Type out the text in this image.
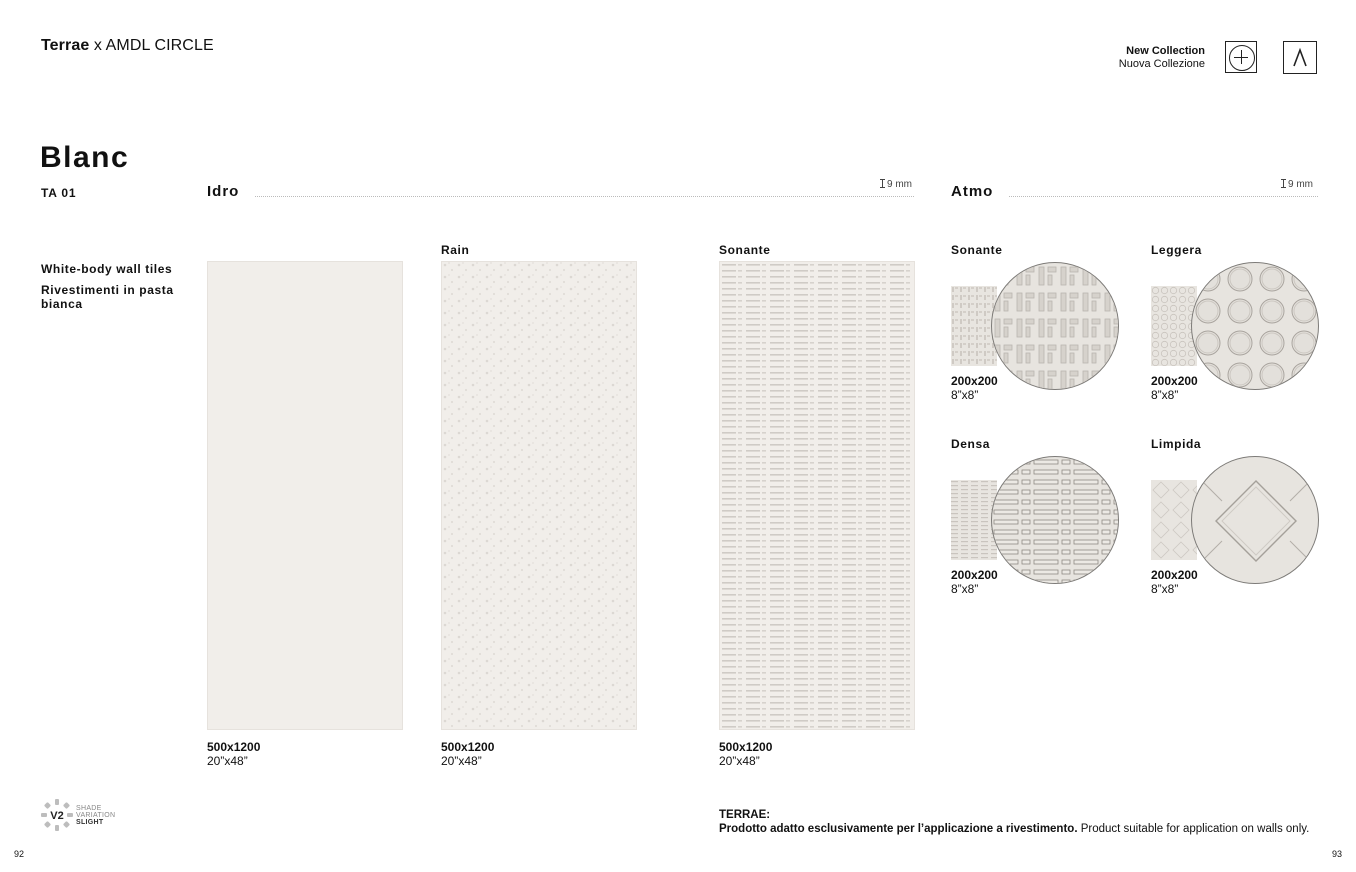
Terrae x AMDL CIRCLE	New Collection
Nuova Collezione
Blanc
TA 01
White-body wall tiles
Rivestimenti in pasta bianca
Idro	9 mm	Atmo	9 mm
500x1200
20”x48”
Rain
500x1200
20”x48”
Sonante
500x1200
20”x48”
Sonante
200x200
8”x8”
Leggera
200x200
8”x8”
Densa
200x200
8”x8”
Limpida
200x200
8”x8”
V2
SHADE
VARIATION
SLIGHT
TERRAE:
Prodotto adatto esclusivamente per l’applicazione a rivestimento. Product suitable for application on walls only.
92	93
